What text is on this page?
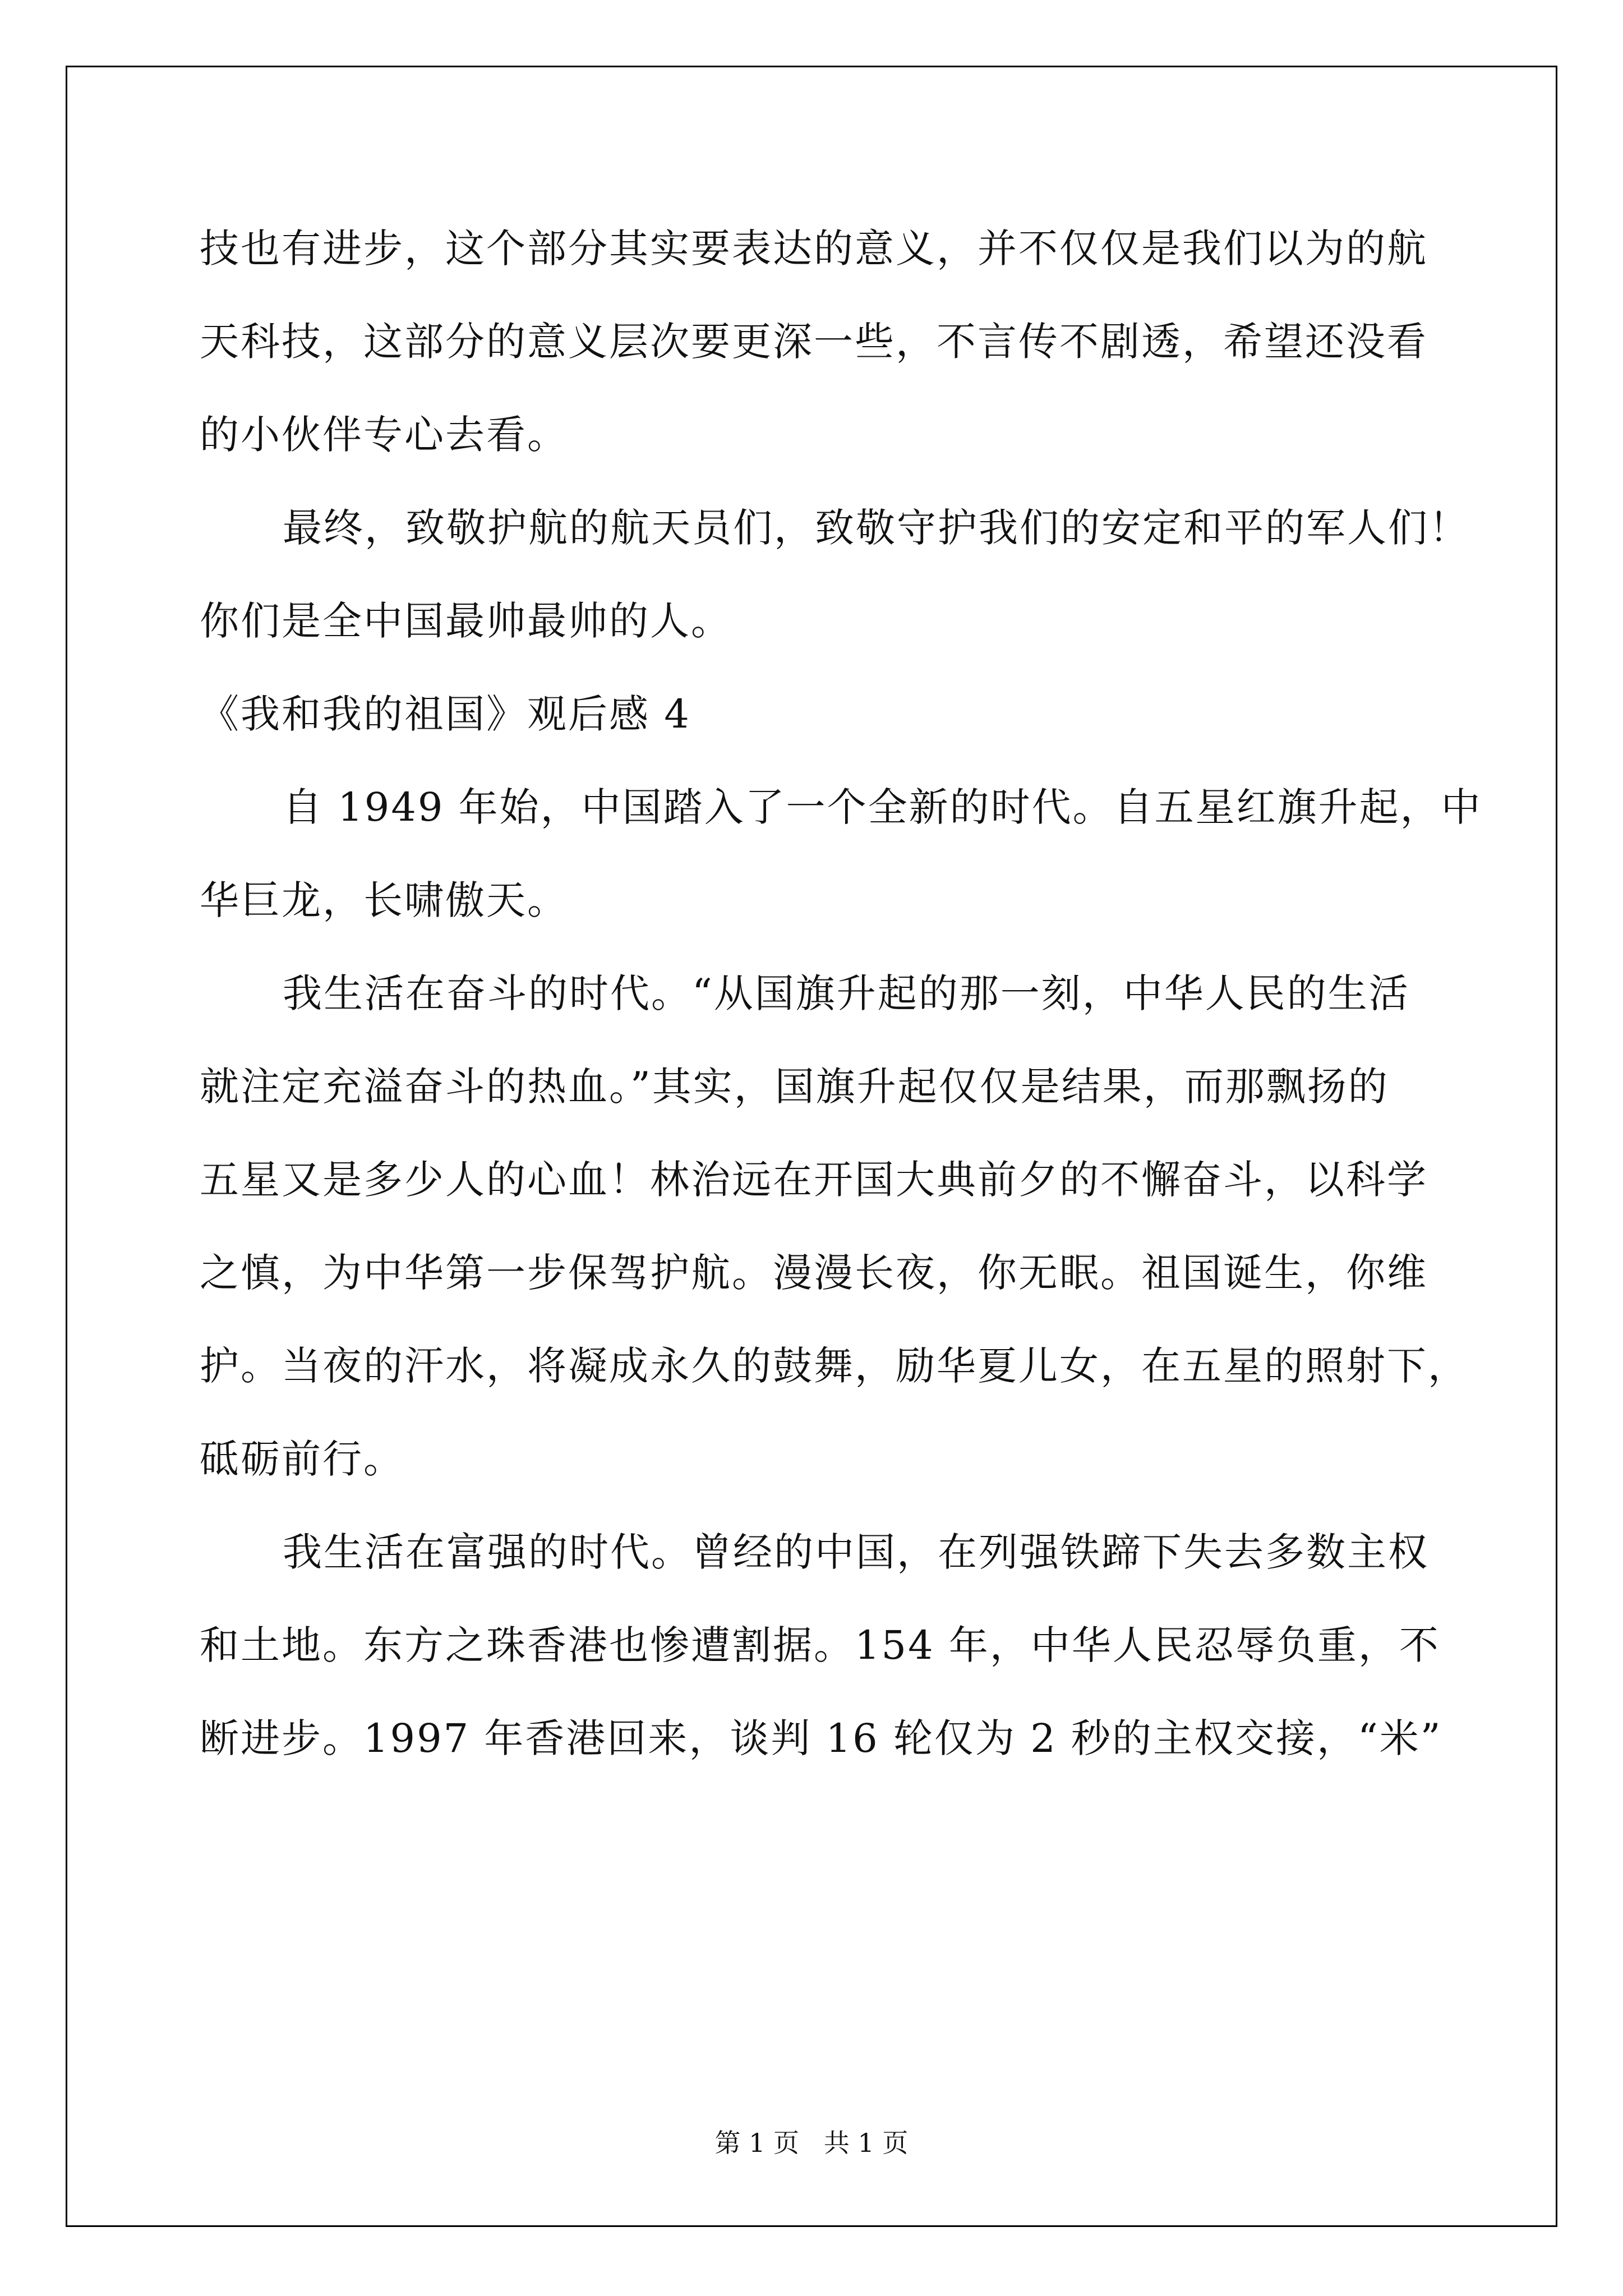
技也有进步，这个部分其实要表达的意义，并不仅仅是我们以为的航
天科技，这部分的意义层次要更深一些，不言传不剧透，希望还没看
的小伙伴专心去看。
最终，致敬护航的航天员们，致敬守护我们的安定和平的军人们！
你们是全中国最帅最帅的人。
《我和我的祖国》观后感 4
自 1949 年始，中国踏入了一个全新的时代。自五星红旗升起，中
华巨龙，长啸傲天。
我生活在奋斗的时代。“从国旗升起的那一刻，中华人民的生活
就注定充溢奋斗的热血。”其实，国旗升起仅仅是结果，而那飘扬的
五星又是多少人的心血！林治远在开国大典前夕的不懈奋斗，以科学
之慎，为中华第一步保驾护航。漫漫长夜，你无眠。祖国诞生，你维
护。当夜的汗水，将凝成永久的鼓舞，励华夏儿女，在五星的照射下，
砥砺前行。
我生活在富强的时代。曾经的中国，在列强铁蹄下失去多数主权
和土地。东方之珠香港也惨遭割据。154 年，中华人民忍辱负重，不
断进步。1997 年香港回来，谈判 16 轮仅为 2 秒的主权交接，“米”
第 1 页   共 1 页
